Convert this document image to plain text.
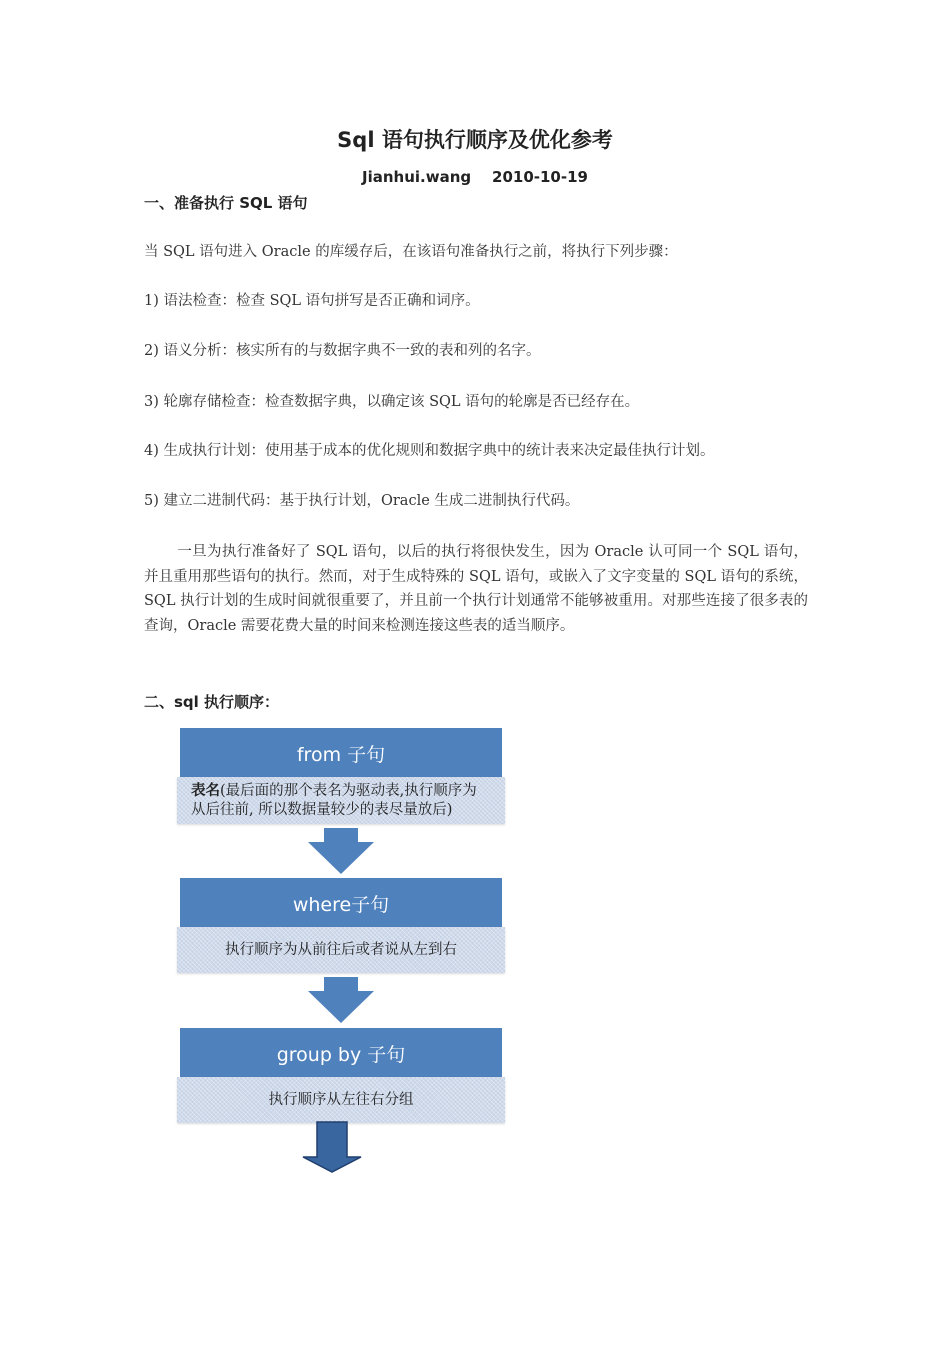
Sql 语句执行顺序及优化参考
Jianhui.wang    2010-10-19
一、准备执行 SQL 语句
当 SQL 语句进入 Oracle 的库缓存后，在该语句准备执行之前，将执行下列步骤：
1) 语法检查：检查 SQL 语句拼写是否正确和词序。
2) 语义分析：核实所有的与数据字典不一致的表和列的名字。
3) 轮廓存储检查：检查数据字典，以确定该 SQL 语句的轮廓是否已经存在。
4) 生成执行计划：使用基于成本的优化规则和数据字典中的统计表来决定最佳执行计划。
5) 建立二进制代码：基于执行计划，Oracle 生成二进制执行代码。
一旦为执行准备好了 SQL 语句，以后的执行将很快发生，因为 Oracle 认可同一个 SQL 语句，并且重用那些语句的执行。然而，对于生成特殊的 SQL 语句，或嵌入了文字变量的 SQL 语句的系统，SQL 执行计划的生成时间就很重要了，并且前一个执行计划通常不能够被重用。对那些连接了很多表的查询，Oracle 需要花费大量的时间来检测连接这些表的适当顺序。
二、sql 执行顺序：
from 子句
表名(最后面的那个表名为驱动表,执行顺序为从后往前, 所以数据量较少的表尽量放后)
where子句
执行顺序为从前往后或者说从左到右
group by 子句
执行顺序从左往右分组
